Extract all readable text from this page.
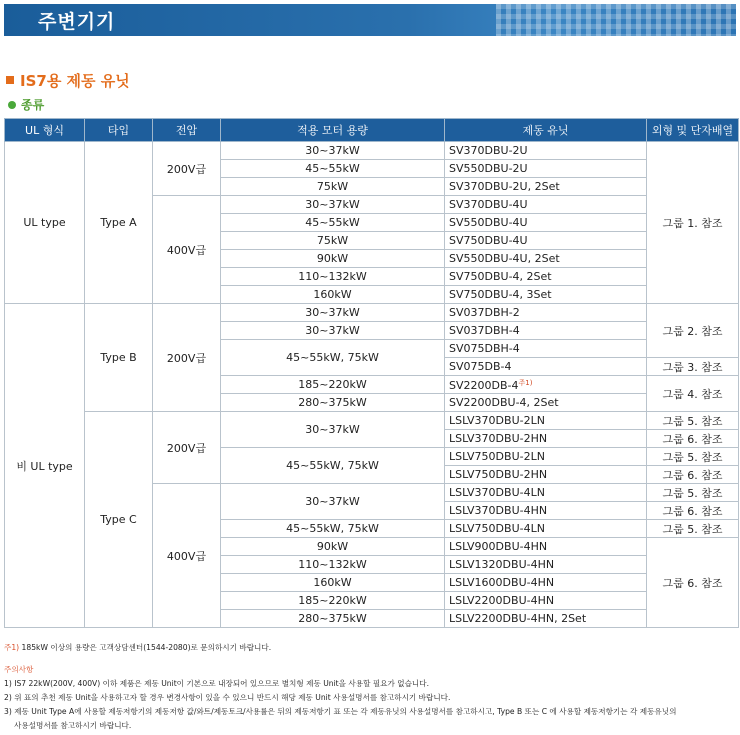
주변기기
IS7용 제동 유닛
종류
UL 형식	타입	전압	적용 모터 용량	제동 유닛	외형 및 단자배열
UL type	Type A	200V급	30~37kW	SV370DBU-2U	그룹 1. 참조
			45~55kW	SV550DBU-2U	
			75kW	SV370DBU-2U, 2Set	
		400V급	30~37kW	SV370DBU-4U	
			45~55kW	SV550DBU-4U	
			75kW	SV750DBU-4U	
			90kW	SV550DBU-4U, 2Set	
			110~132kW	SV750DBU-4, 2Set	
			160kW	SV750DBU-4, 3Set	
비 UL type	Type B	200V급	30~37kW	SV037DBH-2	그룹 2. 참조
			30~37kW	SV037DBH-4	
			45~55kW, 75kW	SV075DBH-4	
				SV075DB-4	그룹 3. 참조
			185~220kW	$SV2200DB-4^{주1)}$	그룹 4. 참조
			280~375kW	SV2200DBU-4, 2Set	
	Type C	200V급	30~37kW	LSLV370DBU-2LN	그룹 5. 참조
				LSLV370DBU-2HN	그룹 6. 참조
			45~55kW, 75kW	LSLV750DBU-2LN	그룹 5. 참조
				LSLV750DBU-2HN	그룹 6. 참조
		400V급	30~37kW	LSLV370DBU-4LN	그룹 5. 참조
				LSLV370DBU-4HN	그룹 6. 참조
			45~55kW, 75kW	LSLV750DBU-4LN	그룹 5. 참조
			90kW	LSLV900DBU-4HN	그룹 6. 참조
			110~132kW	LSLV1320DBU-4HN	
			160kW	LSLV1600DBU-4HN	
			185~220kW	LSLV2200DBU-4HN	
			280~375kW	LSLV2200DBU-4HN, 2Set	
주1) 185kW 이상의 용량은 고객상담센터(1544-2080)로 문의하시기 바랍니다.
주의사항
1) IS7 22kW(200V, 400V) 이하 제품은 제동 Unit이 기본으로 내장되어 있으므로 별치형 제동 Unit을 사용할 필요가 없습니다.
2) 위 표의 추천 제동 Unit을 사용하고자 할 경우 변경사항이 있을 수 있으니 반드시 해당 제동 Unit 사용설명서를 참고하시기 바랍니다.
3) 제동 Unit Type A에 사용할 제동저항기의 제동저항 값/와트/제동토크/사용률은 뒤의 제동저항기 표 또는 각 제동유닛의 사용설명서를 참고하시고, Type B 또는 C 에 사용할 제동저항기는 각 제동유닛의
사용설명서를 참고하시기 바랍니다.
